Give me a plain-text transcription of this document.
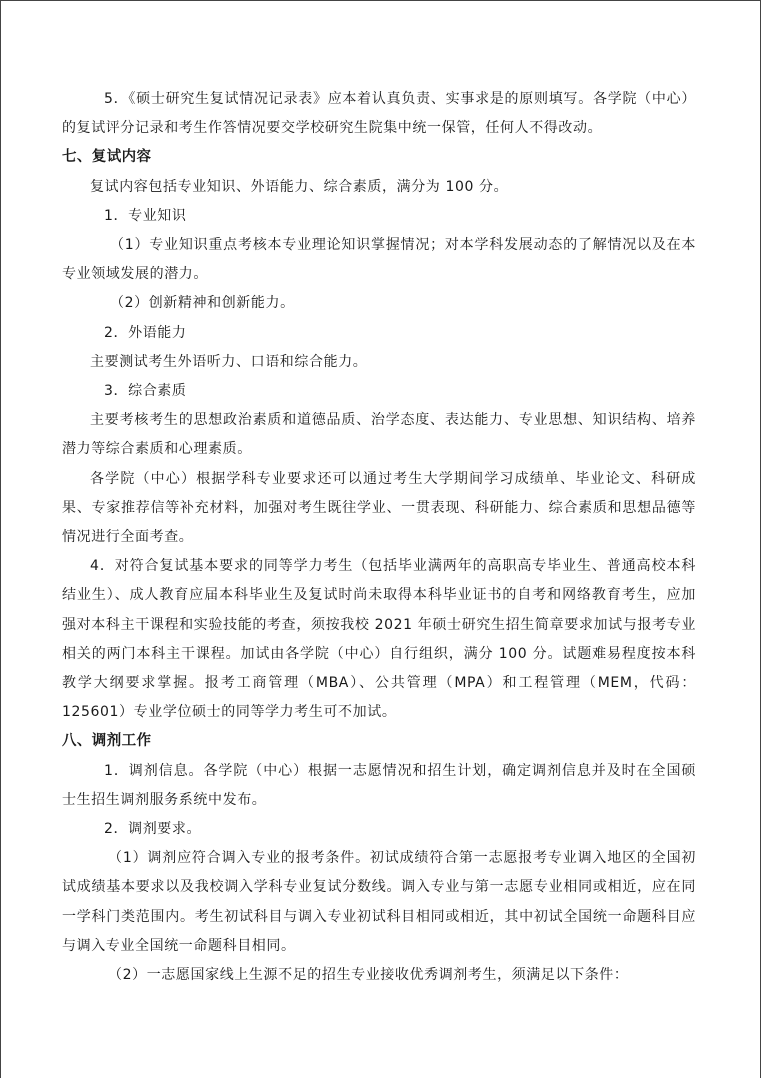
5．《硕士研究生复试情况记录表》应本着认真负责、实事求是的原则填写。各学院（中心）的复试评分记录和考生作答情况要交学校研究生院集中统一保管，任何人不得改动。

七、复试内容

复试内容包括专业知识、外语能力、综合素质，满分为 100 分。

1．专业知识

（1）专业知识重点考核本专业理论知识掌握情况；对本学科发展动态的了解情况以及在本专业领域发展的潜力。

（2）创新精神和创新能力。

2．外语能力

主要测试考生外语听力、口语和综合能力。

3．综合素质

主要考核考生的思想政治素质和道德品质、治学态度、表达能力、专业思想、知识结构、培养潜力等综合素质和心理素质。

各学院（中心）根据学科专业要求还可以通过考生大学期间学习成绩单、毕业论文、科研成果、专家推荐信等补充材料，加强对考生既往学业、一贯表现、科研能力、综合素质和思想品德等情况进行全面考查。

4．对符合复试基本要求的同等学力考生（包括毕业满两年的高职高专毕业生、普通高校本科结业生）、成人教育应届本科毕业生及复试时尚未取得本科毕业证书的自考和网络教育考生，应加强对本科主干课程和实验技能的考查，须按我校 2021 年硕士研究生招生简章要求加试与报考专业相关的两门本科主干课程。加试由各学院（中心）自行组织，满分 100 分。试题难易程度按本科教学大纲要求掌握。报考工商管理（MBA）、公共管理（MPA）和工程管理（MEM，代码：125601）专业学位硕士的同等学力考生可不加试。

八、调剂工作

1．调剂信息。各学院（中心）根据一志愿情况和招生计划，确定调剂信息并及时在全国硕士生招生调剂服务系统中发布。

2．调剂要求。

（1）调剂应符合调入专业的报考条件。初试成绩符合第一志愿报考专业调入地区的全国初试成绩基本要求以及我校调入学科专业复试分数线。调入专业与第一志愿专业相同或相近，应在同一学科门类范围内。考生初试科目与调入专业初试科目相同或相近，其中初试全国统一命题科目应与调入专业全国统一命题科目相同。

（2）一志愿国家线上生源不足的招生专业接收优秀调剂考生，须满足以下条件：
